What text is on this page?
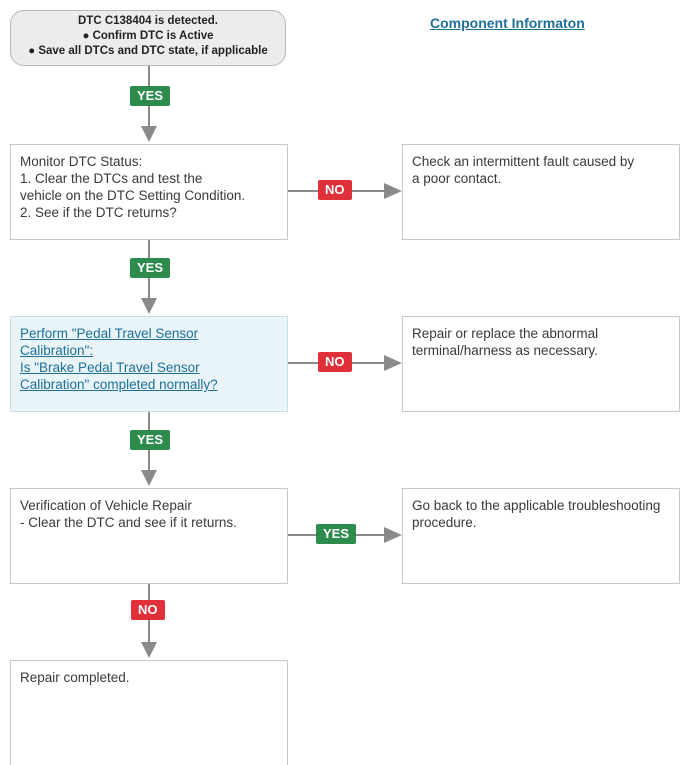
Component Informaton
DTC C138404 is detected.
● Confirm DTC is Active
● Save all DTCs and DTC state, if applicable
YES
Monitor DTC Status:
1. Clear the DTCs and test the
vehicle on the DTC Setting Condition.
2. See if the DTC returns?
NO
Check an intermittent fault caused by
a poor contact.
YES
Perform "Pedal Travel Sensor
Calibration":
Is "Brake Pedal Travel Sensor
Calibration" completed normally?
NO
Repair or replace the abnormal
terminal/harness as necessary.
YES
Verification of Vehicle Repair
- Clear the DTC and see if it returns.
YES
Go back to the applicable troubleshooting
procedure.
NO
Repair completed.
